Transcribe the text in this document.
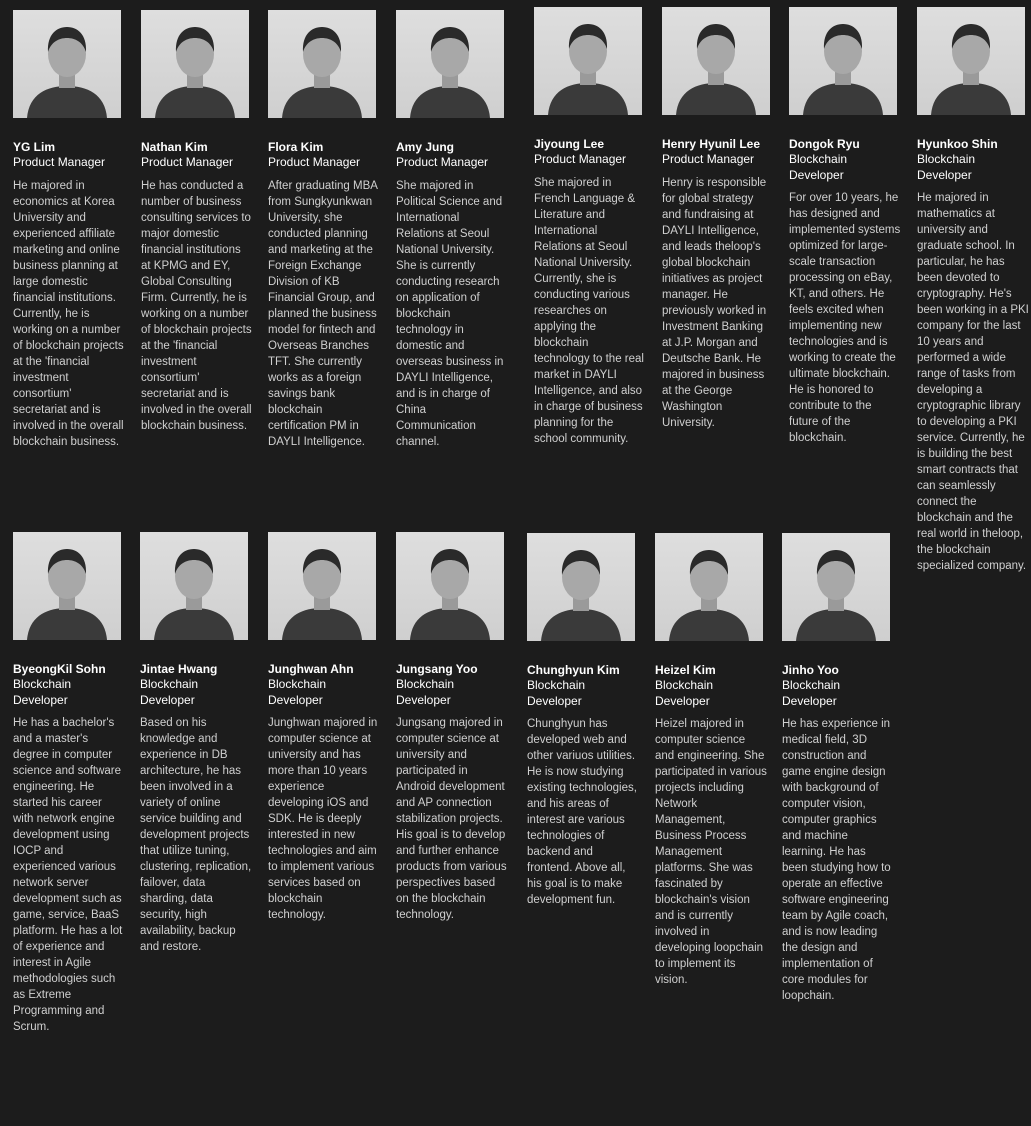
YG Lim
Product Manager
He majored in economics at Korea University and experienced affiliate marketing and online business planning at large domestic financial institutions. Currently, he is working on a number of blockchain projects at the 'financial investment consortium' secretariat and is involved in the overall blockchain business.
Nathan Kim
Product Manager
He has conducted a number of business consulting services to major domestic financial institutions at KPMG and EY, Global Consulting Firm. Currently, he is working on a number of blockchain projects at the 'financial investment consortium' secretariat and is involved in the overall blockchain business.
Flora Kim
Product Manager
After graduating MBA from Sungkyunkwan University, she conducted planning and marketing at the Foreign Exchange Division of KB Financial Group, and planned the business model for fintech and Overseas Branches TFT. She currently works as a foreign savings bank blockchain certification PM in DAYLI Intelligence.
Amy Jung
Product Manager
She majored in Political Science and International Relations at Seoul National University. She is currently conducting research on application of blockchain technology in domestic and overseas business in DAYLI Intelligence, and is in charge of China Communication channel.
Jiyoung Lee
Product Manager
She majored in French Language & Literature and International Relations at Seoul National University. Currently, she is conducting various researches on applying the blockchain technology to the real market in DAYLI Intelligence, and also in charge of business planning for the school community.
Henry Hyunil Lee
Product Manager
Henry is responsible for global strategy and fundraising at DAYLI Intelligence, and leads theloop's global blockchain initiatives as project manager. He previously worked in Investment Banking at J.P. Morgan and Deutsche Bank. He majored in business at the George Washington University.
Dongok Ryu
Blockchain
Developer
For over 10 years, he has designed and implemented systems optimized for large-scale transaction processing on eBay, KT, and others. He feels excited when implementing new technologies and is working to create the ultimate blockchain. He is honored to contribute to the future of the blockchain.
Hyunkoo Shin
Blockchain
Developer
He majored in mathematics at university and graduate school. In particular, he has been devoted to cryptography. He's been working in a PKI company for the last 10 years and performed a wide range of tasks from developing a cryptographic library to developing a PKI service. Currently, he is building the best smart contracts that can seamlessly connect the blockchain and the real world in theloop, the blockchain specialized company.
ByeongKil Sohn
Blockchain
Developer
He has a bachelor's and a master's degree in computer science and software engineering. He started his career with network engine development using IOCP and experienced various network server development such as game, service, BaaS platform. He has a lot of experience and interest in Agile methodologies such as Extreme Programming and Scrum.
Jintae Hwang
Blockchain
Developer
Based on his knowledge and experience in DB architecture, he has been involved in a variety of online service building and development projects that utilize tuning, clustering, replication, failover, data sharding, data security, high availability, backup and restore.
Junghwan Ahn
Blockchain
Developer
Junghwan majored in computer science at university and has more than 10 years experience developing iOS and SDK. He is deeply interested in new technologies and aim to implement various services based on blockchain technology.
Jungsang Yoo
Blockchain
Developer
Jungsang majored in computer science at university and participated in Android development and AP connection stabilization projects. His goal is to develop and further enhance products from various perspectives based on the blockchain technology.
Chunghyun Kim
Blockchain
Developer
Chunghyun has developed web and other variuos utilities. He is now studying existing technologies, and his areas of interest are various technologies of backend and frontend. Above all, his goal is to make development fun.
Heizel Kim
Blockchain
Developer
Heizel majored in computer science and engineering. She participated in various projects including Network Management, Business Process Management platforms. She was fascinated by blockchain's vision and is currently involved in developing loopchain to implement its vision.
Jinho Yoo
Blockchain
Developer
He has experience in medical field, 3D construction and game engine design with background of computer vision, computer graphics and machine learning. He has been studying how to operate an effective software engineering team by Agile coach, and is now leading the design and implementation of core modules for loopchain.
